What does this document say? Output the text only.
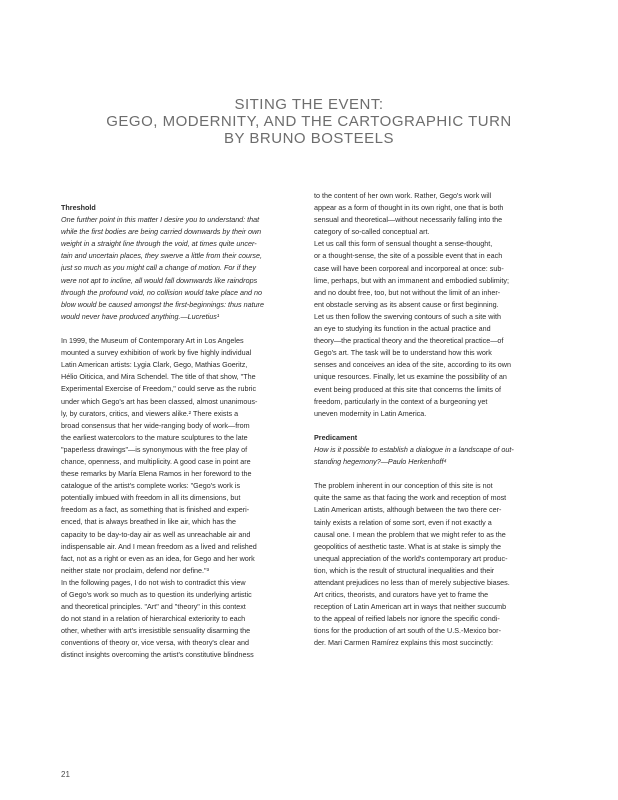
SITING THE EVENT:
GEGO, MODERNITY, AND THE CARTOGRAPHIC TURN
BY BRUNO BOSTEELS
Threshold
One further point in this matter I desire you to understand: that
while the first bodies are being carried downwards by their own
weight in a straight line through the void, at times quite uncer-
tain and uncertain places, they swerve a little from their course,
just so much as you might call a change of motion. For if they
were not apt to incline, all would fall downwards like raindrops
through the profound void, no collision would take place and no
blow would be caused amongst the first-beginnings: thus nature
would never have produced anything.—Lucretius¹
In 1999, the Museum of Contemporary Art in Los Angeles
mounted a survey exhibition of work by five highly individual
Latin American artists: Lygia Clark, Gego, Mathias Goeritz,
Hélio Oiticica, and Mira Schendel. The title of that show, "The
Experimental Exercise of Freedom," could serve as the rubric
under which Gego's art has been classed, almost unanimous-
ly, by curators, critics, and viewers alike.² There exists a
broad consensus that her wide-ranging body of work—from
the earliest watercolors to the mature sculptures to the late
"paperless drawings"—is synonymous with the free play of
chance, openness, and multiplicity. A good case in point are
these remarks by María Elena Ramos in her foreword to the
catalogue of the artist's complete works: "Gego's work is
potentially imbued with freedom in all its dimensions, but
freedom as a fact, as something that is finished and experi-
enced, that is always breathed in like air, which has the
capacity to be day-to-day air as well as unreachable air and
indispensable air. And I mean freedom as a lived and relished
fact, not as a right or even as an idea, for Gego and her work
neither state nor proclaim, defend nor define."³
In the following pages, I do not wish to contradict this view
of Gego's work so much as to question its underlying artistic
and theoretical principles. "Art" and "theory" in this context
do not stand in a relation of hierarchical exteriority to each
other, whether with art's irresistible sensuality disarming the
conventions of theory or, vice versa, with theory's clear and
distinct insights overcoming the artist's constitutive blindness
to the content of her own work. Rather, Gego's work will
appear as a form of thought in its own right, one that is both
sensual and theoretical—without necessarily falling into the
category of so-called conceptual art.
Let us call this form of sensual thought a sense-thought,
or a thought-sense, the site of a possible event that in each
case will have been corporeal and incorporeal at once: sub-
lime, perhaps, but with an immanent and embodied sublimity;
and no doubt free, too, but not without the limit of an inher-
ent obstacle serving as its absent cause or first beginning.
Let us then follow the swerving contours of such a site with
an eye to studying its function in the actual practice and
theory—the practical theory and the theoretical practice—of
Gego's art. The task will be to understand how this work
senses and conceives an idea of the site, according to its own
unique resources. Finally, let us examine the possibility of an
event being produced at this site that concerns the limits of
freedom, particularly in the context of a burgeoning yet
uneven modernity in Latin America.
Predicament
How is it possible to establish a dialogue in a landscape of out-
standing hegemony?—Paulo Herkenhoff⁴
The problem inherent in our conception of this site is not
quite the same as that facing the work and reception of most
Latin American artists, although between the two there cer-
tainly exists a relation of some sort, even if not exactly a
causal one. I mean the problem that we might refer to as the
geopolitics of aesthetic taste. What is at stake is simply the
unequal appreciation of the world's contemporary art produc-
tion, which is the result of structural inequalities and their
attendant prejudices no less than of merely subjective biases.
Art critics, theorists, and curators have yet to frame the
reception of Latin American art in ways that neither succumb
to the appeal of reified labels nor ignore the specific condi-
tions for the production of art south of the U.S.-Mexico bor-
der. Mari Carmen Ramírez explains this most succinctly:
21
